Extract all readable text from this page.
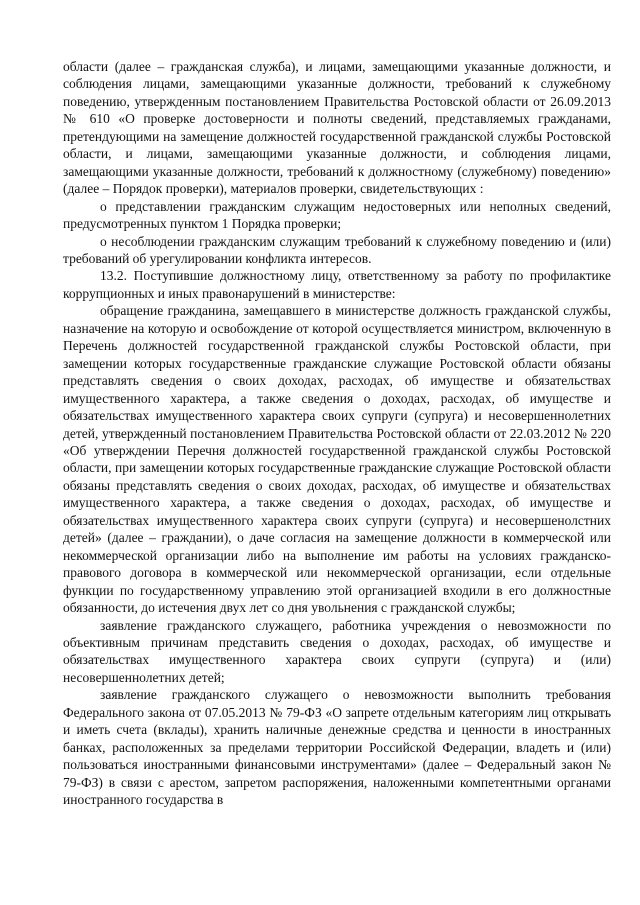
области (далее – гражданская служба), и лицами, замещающими указанные должности, и соблюдения лицами, замещающими указанные должности, требований к служебному поведению, утвержденным постановлением Правительства Ростовской области от 26.09.2013 № 610 «О проверке достоверности и полноты сведений, представляемых гражданами, претендующими на замещение должностей государственной гражданской службы Ростовской области, и лицами, замещающими указанные должности, и соблюдения лицами, замещающими указанные должности, требований к должностному (служебному) поведению» (далее – Порядок проверки), материалов проверки, свидетельствующих :

о представлении гражданским служащим недостоверных или неполных сведений, предусмотренных пунктом 1 Порядка проверки;

о несоблюдении гражданским служащим требований к служебному поведению и (или) требований об урегулировании конфликта интересов.

13.2. Поступившие должностному лицу, ответственному за работу по профилактике коррупционных и иных правонарушений в министерстве:

обращение гражданина, замещавшего в министерстве должность гражданской службы, назначение на которую и освобождение от которой осуществляется министром, включенную в Перечень должностей государственной гражданской службы Ростовской области, при замещении которых государственные гражданские служащие Ростовской области обязаны представлять сведения о своих доходах, расходах, об имуществе и обязательствах имущественного характера, а также сведения о доходах, расходах, об имуществе и обязательствах имущественного характера своих супруги (супруга) и несовершеннолетних детей, утвержденный постановлением Правительства Ростовской области от 22.03.2012 № 220 «Об утверждении Перечня должностей государственной гражданской службы Ростовской области, при замещении которых государственные гражданские служащие Ростовской области обязаны представлять сведения о своих доходах, расходах, об имуществе и обязательствах имущественного характера, а также сведения о доходах, расходах, об имуществе и обязательствах имущественного характера своих супруги (супруга) и несовершенолстних детей» (далее – граждании), о даче согласия на замещение должности в коммерческой или некоммерческой организации либо на выполнение им работы на условиях гражданско-правового договора в коммерческой или некоммерческой организации, если отдельные функции по государственному управлению этой организацией входили в его должностные обязанности, до истечения двух лет со дня увольнения с гражданской службы;

заявление гражданского служащего, работника учреждения о невозможности по объективным причинам представить сведения о доходах, расходах, об имуществе и обязательствах имущественного характера своих супруги (супруга) и (или) несовершеннолетних детей;

заявление гражданского служащего о невозможности выполнить требования Федерального закона от 07.05.2013 № 79-ФЗ «О запрете отдельным категориям лиц открывать и иметь счета (вклады), хранить наличные денежные средства и ценности в иностранных банках, расположенных за пределами территории Российской Федерации, владеть и (или) пользоваться иностранными финансовыми инструментами» (далее – Федеральный закон № 79-ФЗ) в связи с арестом, запретом распоряжения, наложенными компетентными органами иностранного государства в
